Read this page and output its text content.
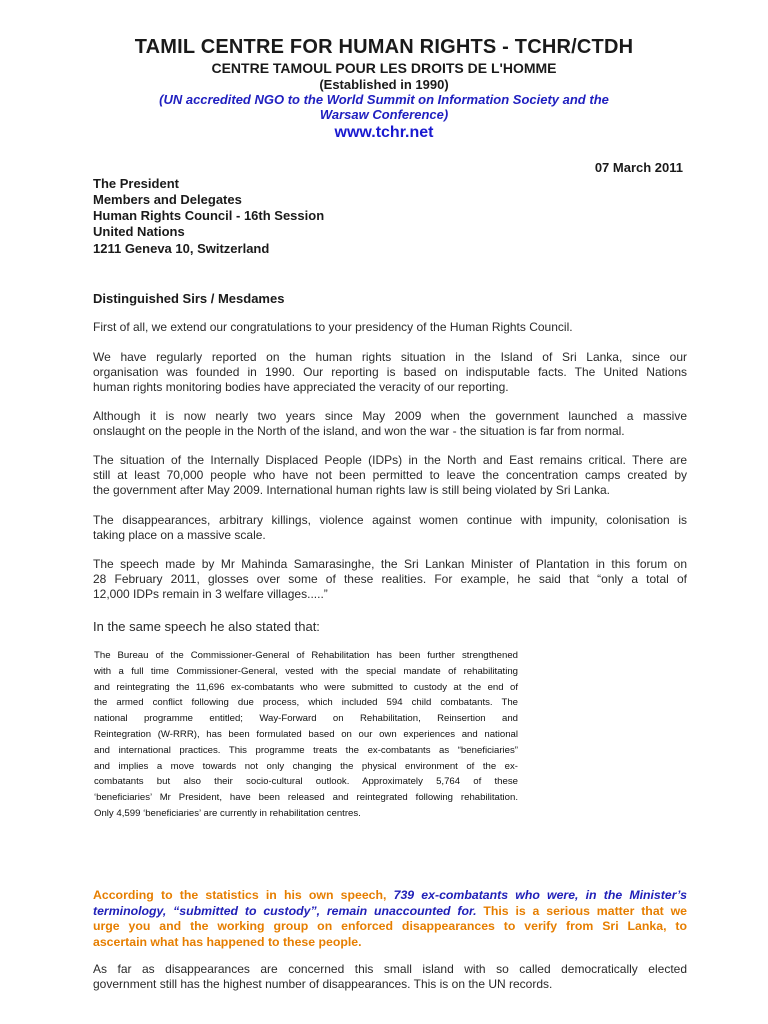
TAMIL CENTRE FOR HUMAN RIGHTS - TCHR/CTDH
CENTRE TAMOUL POUR LES DROITS DE L'HOMME
(Established in 1990)
(UN accredited NGO to the World Summit on Information Society and the
Warsaw Conference)
www.tchr.net
07 March 2011
The President
Members and Delegates
Human Rights Council - 16th Session
United Nations
1211 Geneva 10, Switzerland
Distinguished Sirs / Mesdames
First of all, we extend our congratulations to your presidency of the Human Rights Council.
We have regularly reported on the human rights situation in the Island of Sri Lanka, since our
organisation was founded in 1990. Our reporting is based on indisputable facts. The United Nations
human rights monitoring bodies have appreciated the veracity of our reporting.
Although it is now nearly two years since May 2009 when the government launched a massive
onslaught on the people in the North of the island, and won the war - the situation is far from normal.
The situation of the Internally Displaced People (IDPs) in the North and East remains critical. There are
still at least 70,000 people who have not been permitted to leave the concentration camps created by
the government after May 2009. International human rights law is still being violated by Sri Lanka.
The disappearances, arbitrary killings, violence against women continue with impunity, colonisation is
taking place on a massive scale.
The speech made by Mr Mahinda Samarasinghe, the Sri Lankan Minister of Plantation in this forum on
28 February 2011, glosses over some of these realities. For example, he said that “only a total of
12,000 IDPs remain in 3 welfare villages.....”
In the same speech he also stated that:
The Bureau of the Commissioner-General of Rehabilitation has been further strengthened
with a full time Commissioner-General, vested with the special mandate of rehabilitating
and reintegrating the 11,696 ex-combatants who were submitted to custody at the end of
the armed conflict following due process, which included 594 child combatants. The
national programme entitled; Way-Forward on Rehabilitation, Reinsertion and
Reintegration (W-RRR), has been formulated based on our own experiences and national
and international practices. This programme treats the ex-combatants as “beneficiaries”
and implies a move towards not only changing the physical environment of the ex-
combatants but also their socio-cultural outlook. Approximately 5,764 of these
‘beneficiaries’ Mr President, have been released and reintegrated following rehabilitation.
Only 4,599 ‘beneficiaries’ are currently in rehabilitation centres.
According to the statistics in his own speech, 739 ex-combatants who were, in the Minister’s
terminology, “submitted to custody”, remain unaccounted for. This is a serious matter that we
urge you and the working group on enforced disappearances to verify from Sri Lanka, to
ascertain what has happened to these people.
As far as disappearances are concerned this small island with so called democratically elected
government still has the highest number of disappearances. This is on the UN records.
